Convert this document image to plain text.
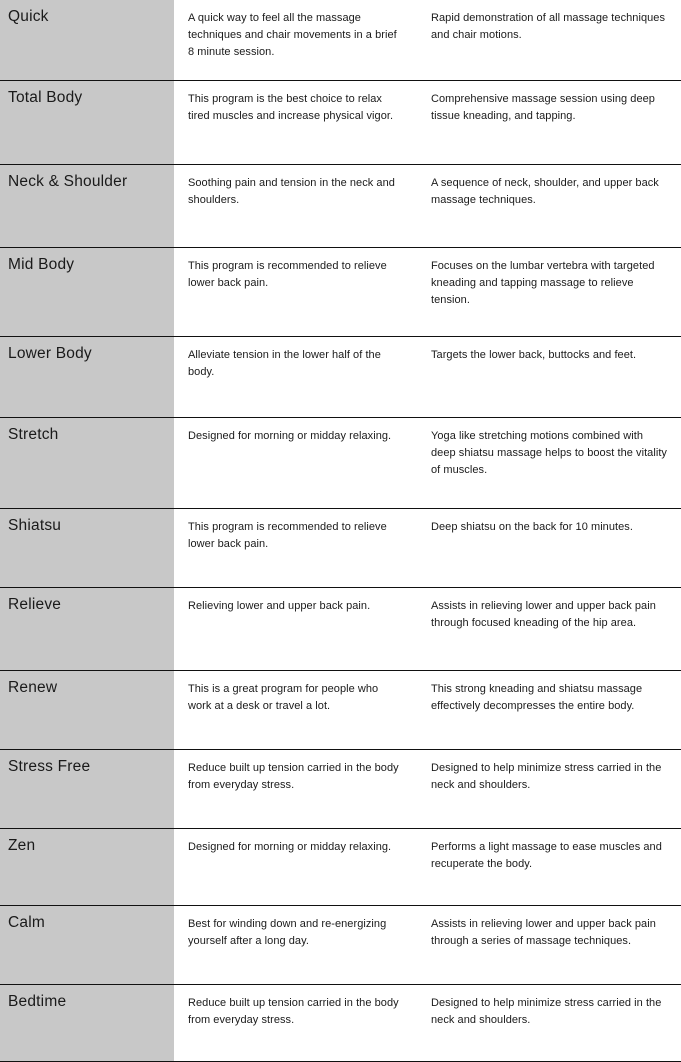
Quick	A quick way to feel all the massage techniques and chair movements in a brief 8 minute session.	Rapid demonstration of all massage techniques and chair motions.
Total Body	This program is the best choice to relax tired muscles and increase physical vigor.	Comprehensive massage session using deep tissue kneading, and tapping.
Neck & Shoulder	Soothing pain and tension in the neck and shoulders.	A sequence of neck, shoulder, and upper back massage techniques.
Mid Body	This program is recommended to relieve lower back pain.	Focuses on the lumbar vertebra with targeted kneading and tapping massage to relieve tension.
Lower Body	Alleviate tension in the lower half of the body.	Targets the lower back, buttocks and feet.
Stretch	Designed for morning or midday relaxing.	Yoga like stretching motions combined with deep shiatsu massage helps to boost the vitality of muscles.
Shiatsu	This program is recommended to relieve lower back pain.	Deep shiatsu on the back for 10 minutes.
Relieve	Relieving lower and upper back pain.	Assists in relieving lower and upper back pain through focused kneading of the hip area.
Renew	This is a great program for people who work at a desk or travel a lot.	This strong kneading and shiatsu massage effectively decompresses the entire body.
Stress Free	Reduce built up tension carried in the body from everyday stress.	Designed to help minimize stress carried in the neck and shoulders.
Zen	Designed for morning or midday relaxing.	Performs a light massage to ease muscles and recuperate the body.
Calm	Best for winding down and re-energizing yourself after a long day.	Assists in relieving lower and upper back pain through a series of massage techniques.
Bedtime	Reduce built up tension carried in the body from everyday stress.	Designed to help minimize stress carried in the neck and shoulders.
